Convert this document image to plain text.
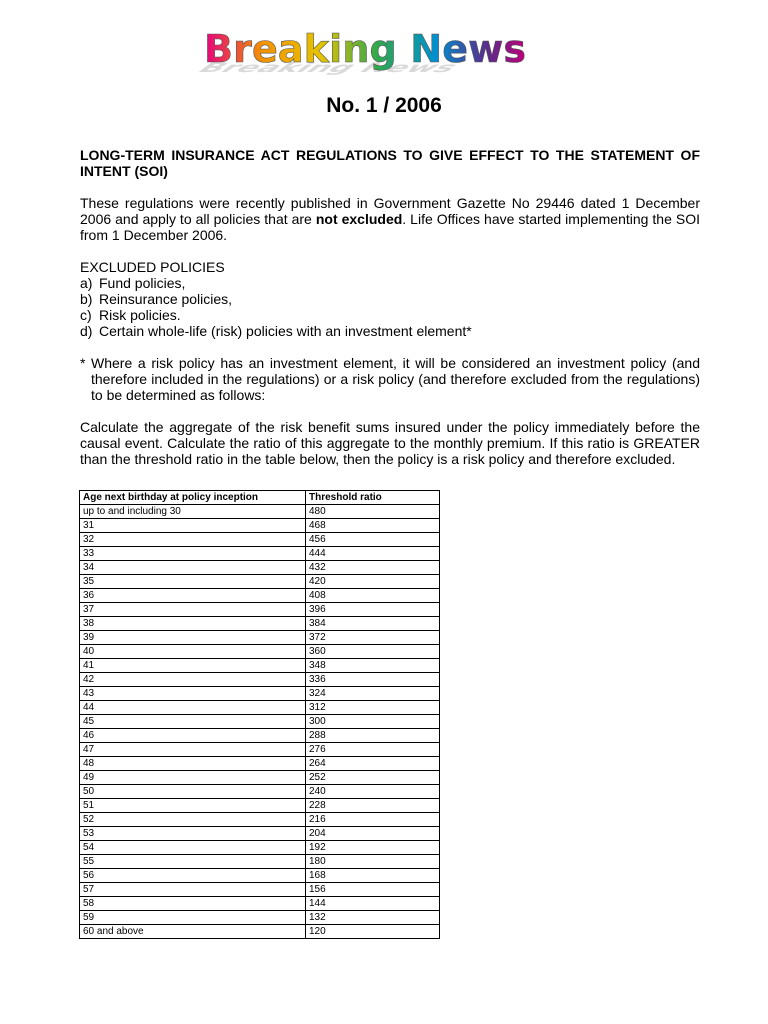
Breaking News
Breaking News
No. 1 / 2006

LONG-TERM INSURANCE ACT REGULATIONS TO GIVE EFFECT TO THE STATEMENT OF INTENT (SOI)

These regulations were recently published in Government Gazette No 29446 dated 1 December 2006 and apply to all policies that are not excluded. Life Offices have started implementing the SOI from 1 December 2006.

EXCLUDED POLICIES

a) Fund policies,
b) Reinsurance policies,
c) Risk policies.
d) Certain whole-life (risk) policies with an investment element*
* Where a risk policy has an investment element, it will be considered an investment policy (and therefore included in the regulations) or a risk policy (and therefore excluded from the regulations) to be determined as follows:

Calculate the aggregate of the risk benefit sums insured under the policy immediately before the causal event. Calculate the ratio of this aggregate to the monthly premium. If this ratio is GREATER than the threshold ratio in the table below, then the policy is a risk policy and therefore excluded.

Age next birthday at policy inception	Threshold ratio
up to and including 30	480
31	468
32	456
33	444
34	432
35	420
36	408
37	396
38	384
39	372
40	360
41	348
42	336
43	324
44	312
45	300
46	288
47	276
48	264
49	252
50	240
51	228
52	216
53	204
54	192
55	180
56	168
57	156
58	144
59	132
60 and above	120
